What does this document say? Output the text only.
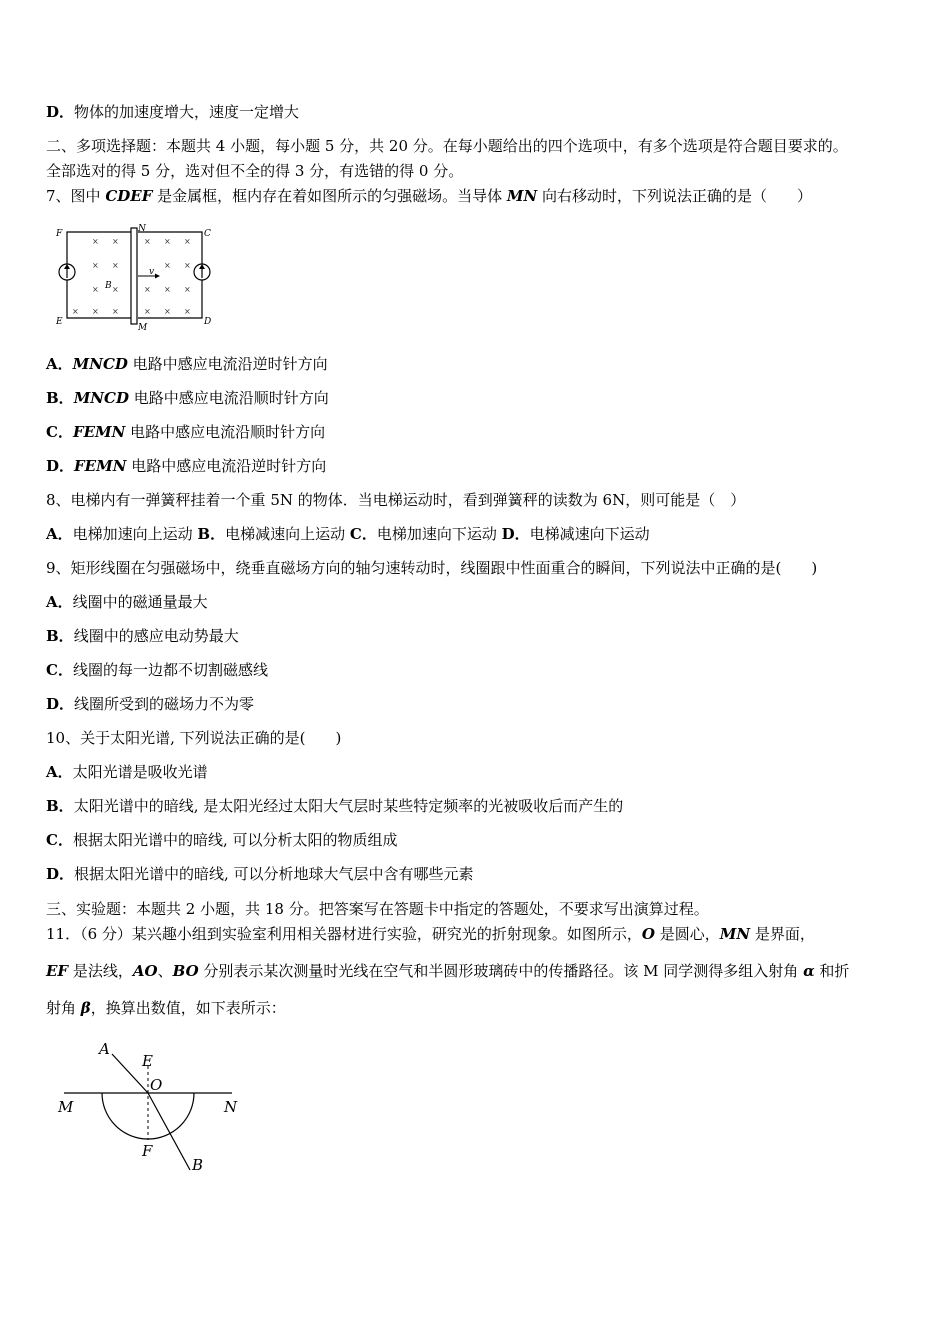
D．物体的加速度增大，速度一定增大
二、多项选择题：本题共 4 小题，每小题 5 分，共 20 分。在每小题给出的四个选项中，有多个选项是符合题目要求的。
全部选对的得 5 分，选对但不全的得 3 分，有选错的得 0 分。
7、图中 CDEF 是金属框，框内存在着如图所示的匀强磁场。当导体 MN 向右移动时，下列说法正确的是（　　）
× ×	× × ×
× ×	× ×
× ×	× × ×
× × ×	× × ×
F	N	C
E
M
D
B
v
A．MNCD 电路中感应电流沿逆时针方向
B．MNCD 电路中感应电流沿顺时针方向
C．FEMN 电路中感应电流沿顺时针方向
D．FEMN 电路中感应电流沿逆时针方向
8、电梯内有一弹簧秤挂着一个重 5N 的物体．当电梯运动时，看到弹簧秤的读数为 6N，则可能是（　）
A．电梯加速向上运动 B．电梯减速向上运动 C．电梯加速向下运动 D．电梯减速向下运动
9、矩形线圈在匀强磁场中，绕垂直磁场方向的轴匀速转动时，线圈跟中性面重合的瞬间，下列说法中正确的是(　　)
A．线圈中的磁通量最大
B．线圈中的感应电动势最大
C．线圈的每一边都不切割磁感线
D．线圈所受到的磁场力不为零
10、关于太阳光谱, 下列说法正确的是(　　)
A．太阳光谱是吸收光谱
B．太阳光谱中的暗线, 是太阳光经过太阳大气层时某些特定频率的光被吸收后而产生的
C．根据太阳光谱中的暗线, 可以分析太阳的物质组成
D．根据太阳光谱中的暗线, 可以分析地球大气层中含有哪些元素
三、实验题：本题共 2 小题，共 18 分。把答案写在答题卡中指定的答题处，不要求写出演算过程。
11．（6 分）某兴趣小组到实验室利用相关器材进行实验，研究光的折射现象。如图所示，O 是圆心，MN 是界面，
EF 是法线，AO、BO 分别表示某次测量时光线在空气和半圆形玻璃砖中的传播路径。该 M 同学测得多组入射角 α 和折
射角 β，换算出数值，如下表所示：
A
E
O
M	N
F
B
